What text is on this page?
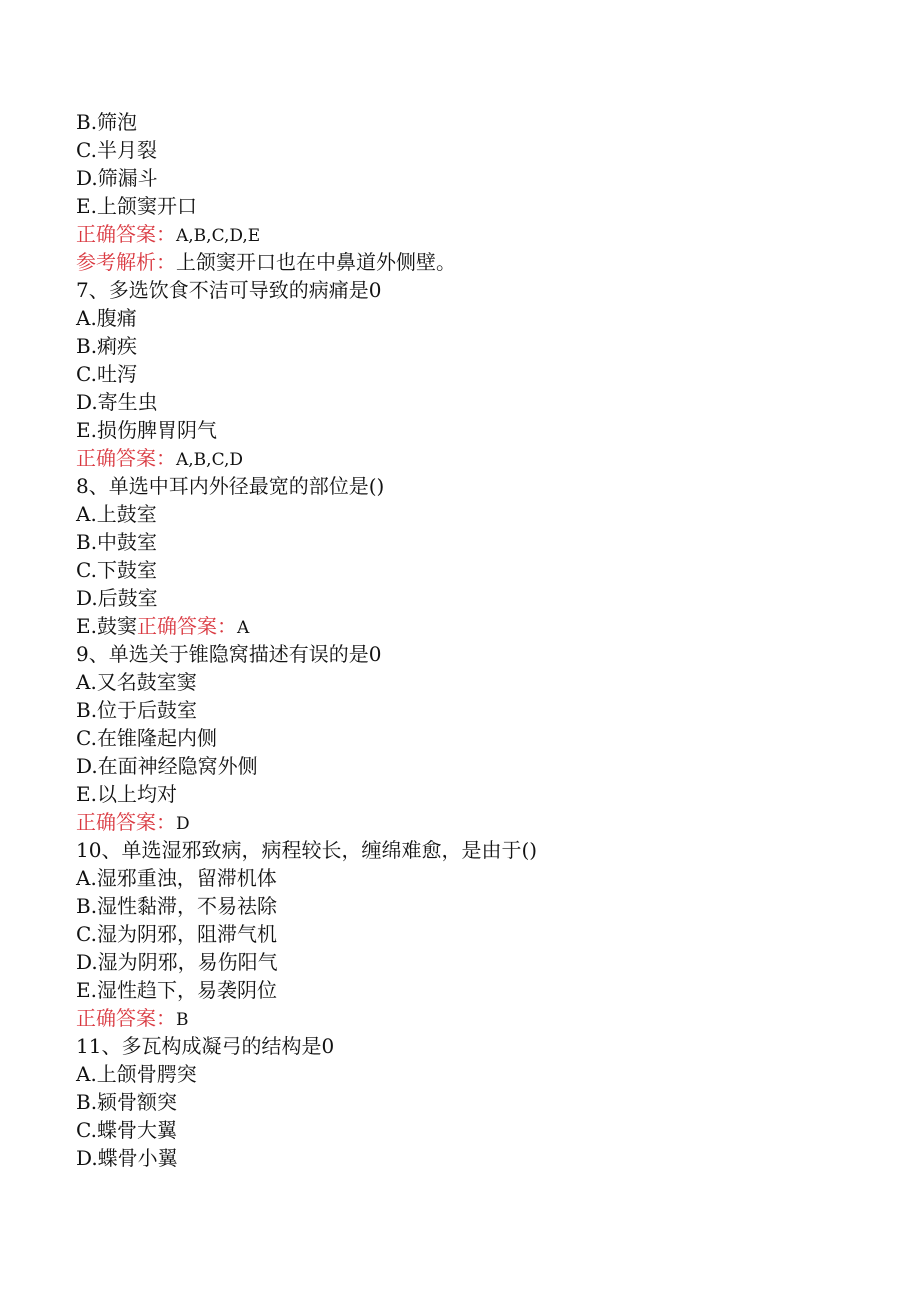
B.筛泡
C.半月裂
D.筛漏斗
E.上颌窦开口
正确答案：A,B,C,D,E
参考解析：上颌窦开口也在中鼻道外侧壁。
7、多选饮食不洁可导致的病痛是0
A.腹痛
B.痢疾
C.吐泻
D.寄生虫
E.损伤脾胃阴气
正确答案：A,B,C,D
8、单选中耳内外径最宽的部位是()
A.上鼓室
B.中鼓室
C.下鼓室
D.后鼓室
E.鼓窦正确答案：A
9、单选关于锥隐窝描述有误的是0
A.又名鼓室窦
B.位于后鼓室
C.在锥隆起内侧
D.在面神经隐窝外侧
E.以上均对
正确答案：D
10、单选湿邪致病，病程较长，缠绵难愈，是由于()
A.湿邪重浊，留滞机体
B.湿性黏滞，不易祛除
C.湿为阴邪，阻滞气机
D.湿为阴邪，易伤阳气
E.湿性趋下，易袭阴位
正确答案：B
11、多瓦构成凝弓的结构是0
A.上颌骨腭突
B.颍骨额突
C.蝶骨大翼
D.蝶骨小翼
